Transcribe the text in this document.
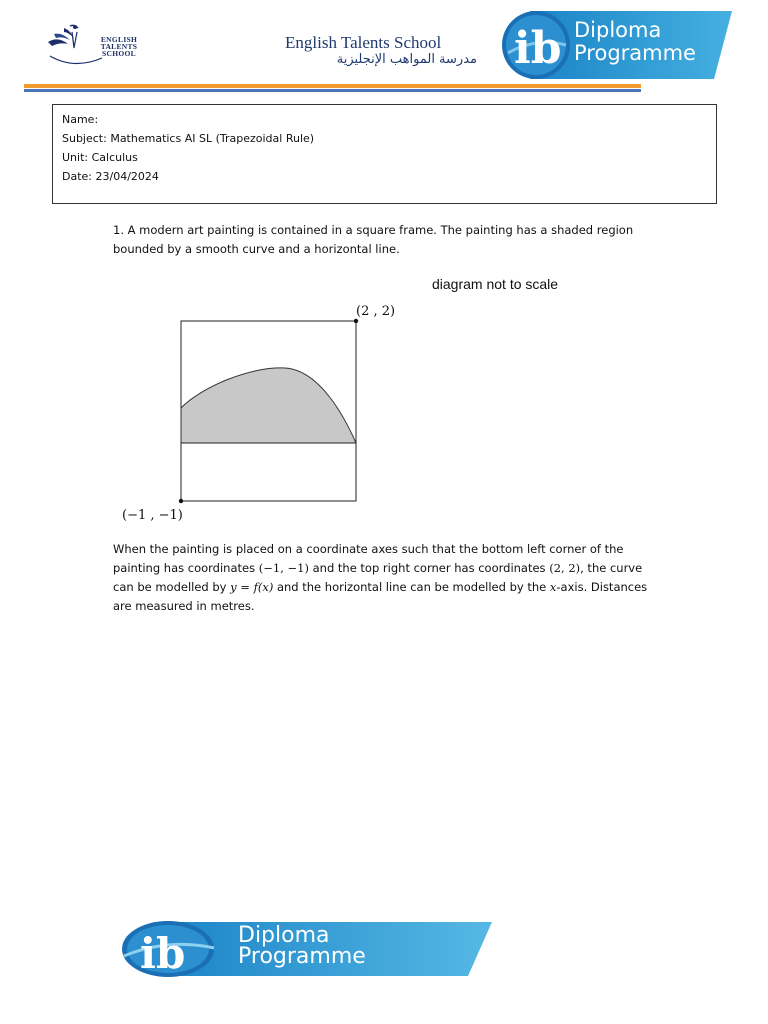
ENGLISH TALENTS SCHOOL
English Talents School
مدرسة المواهب الإنجليزية ib Diploma
Programme
Name:
Subject: Mathematics AI SL (Trapezoidal Rule)
Unit: Calculus
Date: 23/04/2024
1. A modern art painting is contained in a square frame. The painting has a shaded region bounded by a smooth curve and a horizontal line.
diagram not to scale
(2 , 2)
(−1 , −1)
When the painting is placed on a coordinate axes such that the bottom left corner of the painting has coordinates (−1, −1) and the top right corner has coordinates (2, 2), the curve can be modelled by y = f(x) and the horizontal line can be modelled by the x-axis. Distances are measured in metres.
ib Diploma
Programme
